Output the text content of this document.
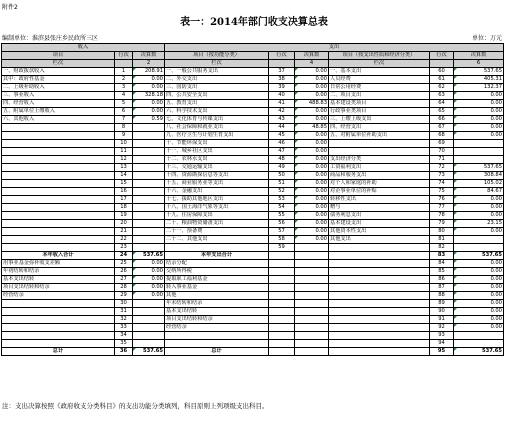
附件2
表一：2014年部门收支决算总表
编制单位：淮滨县张庄乡民政所三区	单位：万元
收入			支出					
项目	行次	决算数	项目（按功能分类）	行次	决算数	项目（按支出性质和经济分类）	行次	决算数
栏次		2	栏次		4	栏次		6
一、财政拨款收入	1	208.91	一、一般公共服务支出	37	0.00	一、基本支出	60	537.65
其中：政府性基金	2	0.00	二、外交支出	38	0.00	人员经费	61	405.31
二、上级补助收入	3	0.00	三、国防支出	39	0.00	日常公用经费	62	132.37
三、事业收入	4	328.18	四、公共安全支出	40	0.00	二、项目支出	63	0.00
四、经营收入	5	0.00	五、教育支出	41	488.83	基本建设类项目	64	0.00
五、附属单位上缴收入	6	0.00	六、科学技术支出	42	0.00	行政事业类项目	65	0.00
六、其他收入	7	0.59	七、文化体育与传媒支出	43	0.00	三、上缴上级支出	66	0.00
	8		八、社会保障和就业支出	44	48.85	四、经营支出	67	0.00
	9		九、医疗卫生与计划生育支出	45	0.00	五、对附属单位补助支出	68	0.00
	10		十、节能环保支出	46	0.00		69	
	11		十一、城乡社区支出	47	0.00		70	
	12		十二、农林水支出	48	0.00	支出经济分类	71	
	13		十三、交通运输支出	49	0.00	工资福利支出	72	537.65
	14		十四、资源勘探信息等支出	50	0.00	商品和服务支出	73	308.84
	15		十五、商业服务业等支出	51	0.00	对个人和家庭的补助	74	105.02
	16		十六、金融支出	52	0.00	对企事业单位的补贴	75	84.67
	17		十七、援助其他地区支出	53	0.00	转移性支出	76	0.00
	18		十八、国土海洋气象等支出	54	0.00	赠与	77	0.00
	19		十九、住房保障支出	55	0.00	债务利息支出	78	0.00
	20		二十、粮油物资储备支出	56	0.00	基本建设支出	79	23.15
	21		二十一、预备费	57	0.00	其他资本性支出	80	0.00
	22		二十二、其他支出	58	0.00	其他支出	81	
	23			59			82	
本年收入合计	24	537.65	本年支出合计				83	537.65
用事业基金弥补收支差额	25	0.00	结余分配				84	0.00
年初结转和结余	26	0.00	交纳所得税				85	0.00
基本支出结转	27	0.00	提取职工福利基金				86	0.00
项目支出结转和结余	28	0.00	转入事业基金				87	0.00
经营结余	29	0.00	其他				88	0.00
	30		年末结转和结余				89	0.00
	31		基本支出结转				90	0.00
	32		项目支出结转和结余				91	0.00
	33		经营结余				92	0.00
	34						93	
	35						94	
总计	36	537.65	总计				95	537.65
注：支出决算按照《政府收支分类科目》的支出功能分类填列，科目原则上列项级支出科目。
